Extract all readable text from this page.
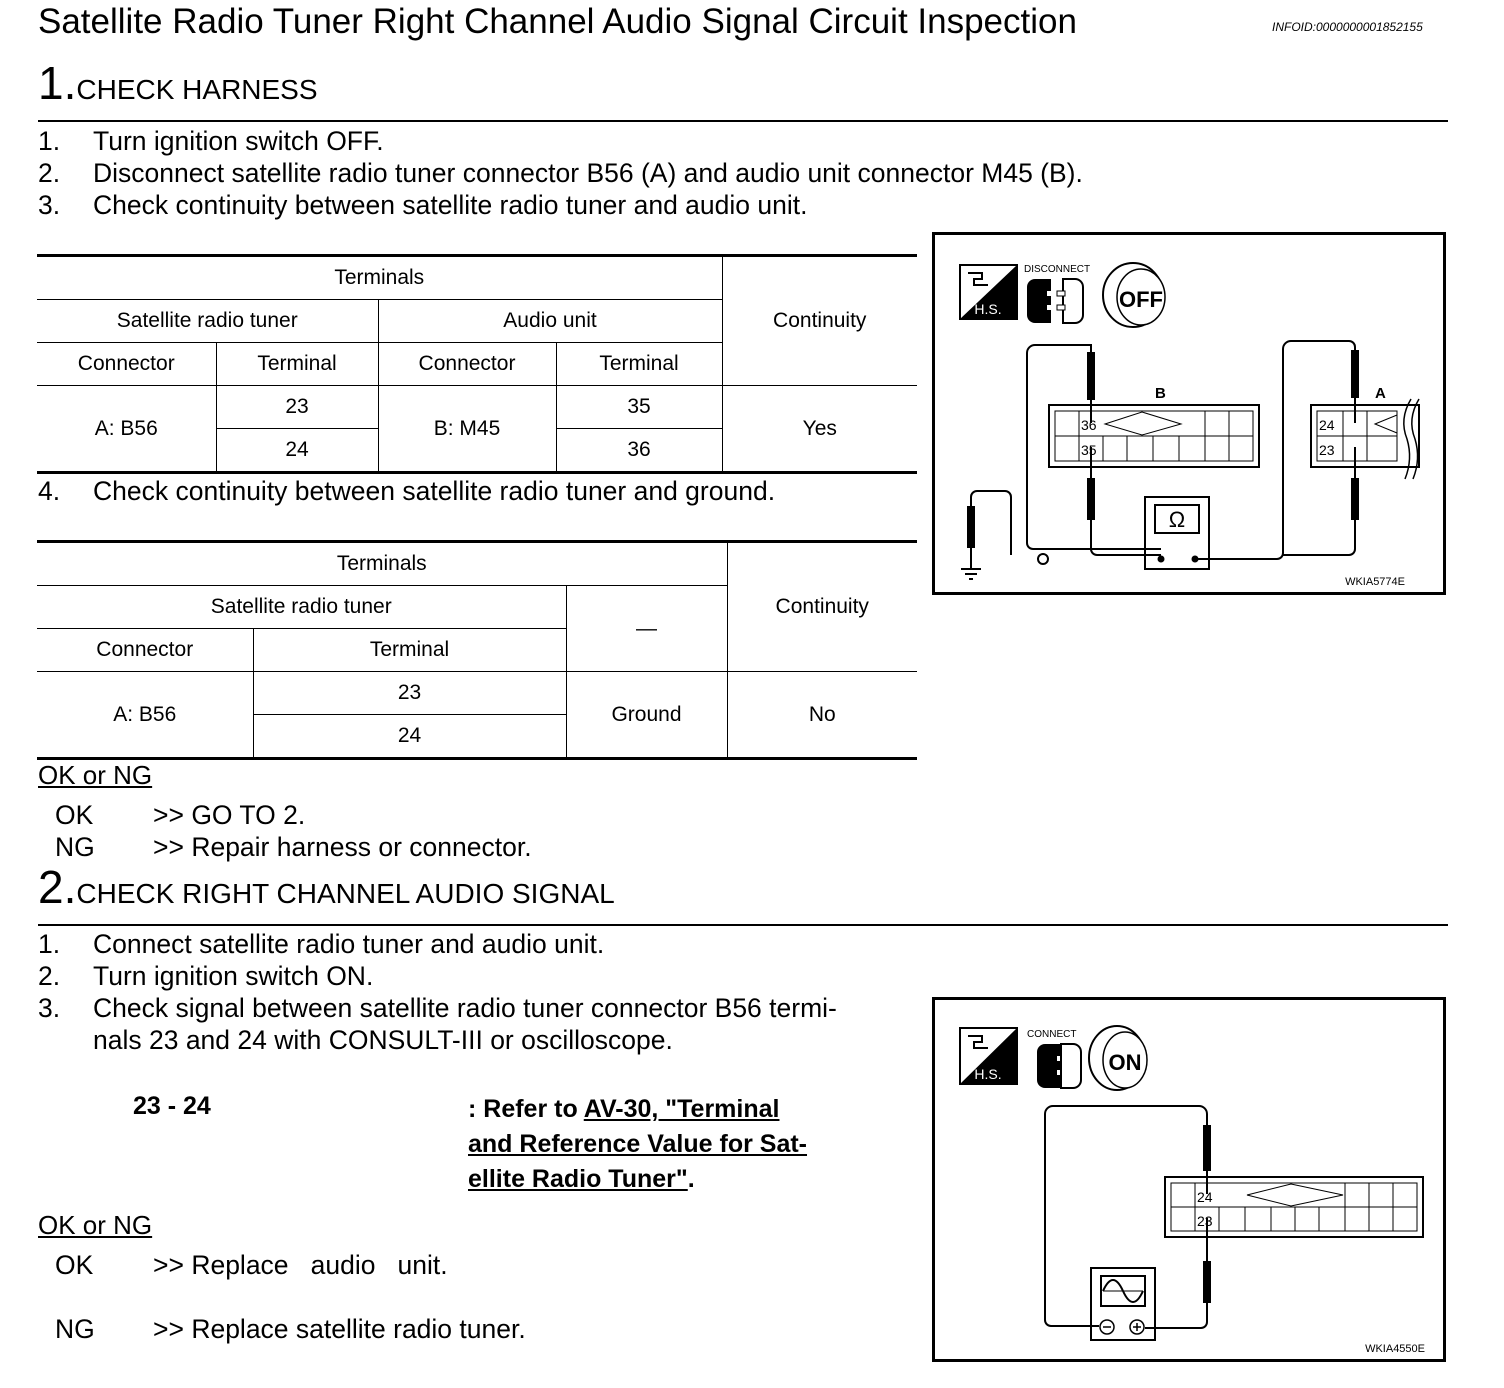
Satellite Radio Tuner Right Channel Audio Signal Circuit Inspection	INFOID:0000000001852155
1.CHECK HARNESS
1. Turn ignition switch OFF.
2. Disconnect satellite radio tuner connector B56 (A) and audio unit connector M45 (B).
3. Check continuity between satellite radio tuner and audio unit.
Terminals				Continuity
Satellite radio tuner		Audio unit		
Connector	Terminal	Connector	Terminal	
A: B56	23	B: M45	35	Yes
	24		36	
4. Check continuity between satellite radio tuner and ground.
Terminals			Continuity
Satellite radio tuner		—	
Connector	Terminal		
A: B56	23	Ground	No
	24		
OK or NG
OK >> GO TO 2.
NG >> Repair harness or connector.
H.S.
DISCONNECT
OFF
B
36
35
A
24
23
Ω
WKIA5774E
2.CHECK RIGHT CHANNEL AUDIO SIGNAL
1. Connect satellite radio tuner and audio unit.
2. Turn ignition switch ON.
3. Check signal between satellite radio tuner connector B56 termi-
nals 23 and 24 with CONSULT-III or oscilloscope.
23 - 24	: Refer to AV-30, "Terminal
and Reference Value for Sat-
ellite Radio Tuner".
OK or NG
OK >> Replace   audio   unit.
NG >> Replace satellite radio tuner.
H.S.
CONNECT
ON
24
23
WKIA4550E
